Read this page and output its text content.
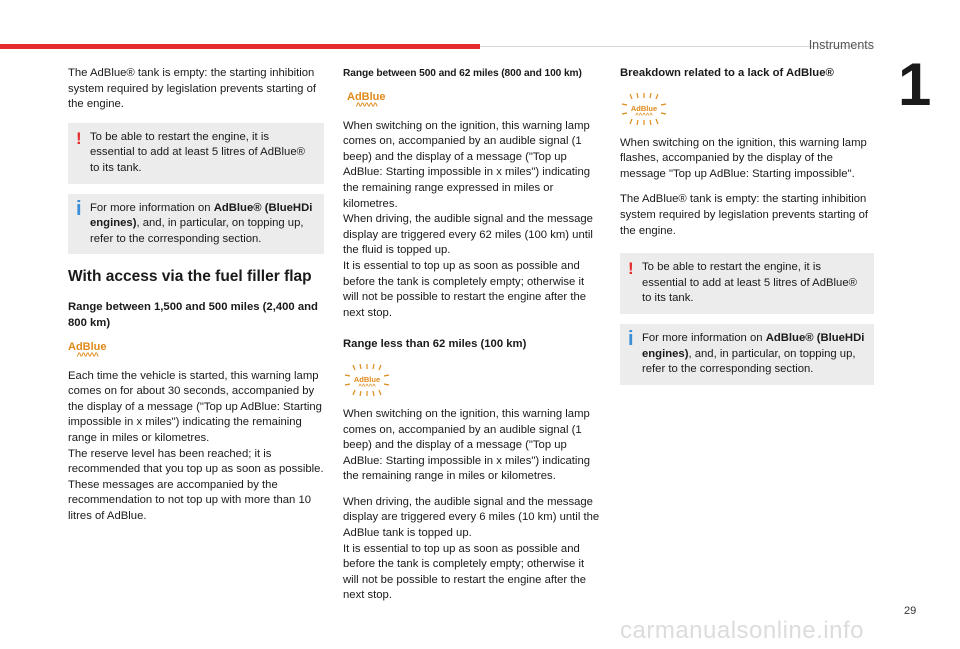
Instruments
1

The AdBlue® tank is empty: the starting inhibition system required by legislation prevents starting of the engine.

! To be able to restart the engine, it is essential to add at least 5 litres of AdBlue® to its tank.

i For more information on AdBlue® (BlueHDi engines), and, in particular, on topping up, refer to the corresponding section.

With access via the fuel filler flap
Range between 1,500 and 500 miles (2,400 and 800 km)
AdBlue
^^^^^

Each time the vehicle is started, this warning lamp comes on for about 30 seconds, accompanied by the display of a message ("Top up AdBlue: Starting impossible in x miles") indicating the remaining range in miles or kilometres.
The reserve level has been reached; it is recommended that you top up as soon as possible.
These messages are accompanied by the recommendation to not top up with more than 10 litres of AdBlue.

Range between 500 and 62 miles (800 and 100 km)
AdBlue
^^^^^

When switching on the ignition, this warning lamp comes on, accompanied by an audible signal (1 beep) and the display of a message ("Top up AdBlue: Starting impossible in x miles") indicating the remaining range expressed in miles or kilometres.
When driving, the audible signal and the message display are triggered every 62 miles (100 km) until the fluid is topped up.
It is essential to top up as soon as possible and before the tank is completely empty; otherwise it will not be possible to restart the engine after the next stop.

Range less than 62 miles (100 km)
AdBlue
^^^^^

When switching on the ignition, this warning lamp comes on, accompanied by an audible signal (1 beep) and the display of a message ("Top up AdBlue: Starting impossible in x miles") indicating the remaining range in miles or kilometres.

When driving, the audible signal and the message display are triggered every 6 miles (10 km) until the AdBlue tank is topped up.
It is essential to top up as soon as possible and before the tank is completely empty; otherwise it will not be possible to restart the engine after the next stop.

Breakdown related to a lack of AdBlue®
AdBlue
^^^^^

When switching on the ignition, this warning lamp flashes, accompanied by the display of the message "Top up AdBlue: Starting impossible".

The AdBlue® tank is empty: the starting inhibition system required by legislation prevents starting of the engine.

! To be able to restart the engine, it is essential to add at least 5 litres of AdBlue® to its tank.

i For more information on AdBlue® (BlueHDi engines), and, in particular, on topping up, refer to the corresponding section.

29
carmanualsonline.info
